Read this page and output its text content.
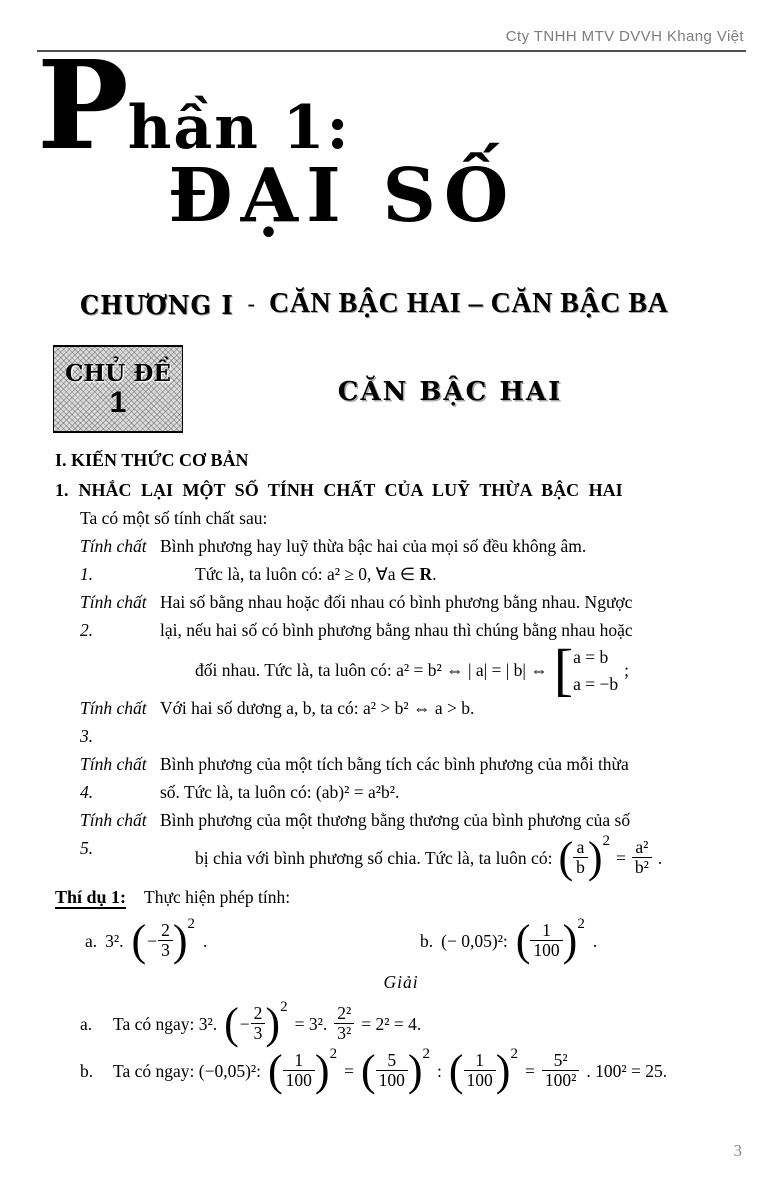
Cty TNHH MTV DVVH Khang Việt
P hần 1:
ĐẠI SỐ
CHƯƠNG I - CĂN BẬC HAI – CĂN BẬC BA
CHỦ ĐỀ
1	CĂN BẬC HAI
I. KIẾN THỨC CƠ BẢN
1. NHẮC LẠI MỘT SỐ TÍNH CHẤT CỦA LUỸ THỪA BẬC HAI
Ta có một số tính chất sau:
Tính chất 1.
Bình phương hay luỹ thừa bậc hai của mọi số đều không âm.
Tức là, ta luôn có: a² ≥ 0, ∀a ∈ R.
Tính chất 2.
Hai số bằng nhau hoặc đối nhau có bình phương bằng nhau. Ngược
lại, nếu hai số có bình phương bằng nhau thì chúng bằng nhau hoặc
đối nhau. Tức là, ta luôn có: a² = b² ⇔ | a| = | b| ⇔ [ a = b
a = −b
;
Tính chất 3.
Với hai số dương a, b, ta có: a² > b² ⇔ a > b.
Tính chất 4.
Bình phương của một tích bằng tích các bình phương của mỗi thừa
số. Tức là, ta luôn có: (ab)² = a²b².
Tính chất 5.
Bình phương của một thương bằng thương của bình phương của số
bị chia với bình phương số chia. Tức là, ta luôn có: ( a
b ) 2
= $\frac{\text{a²}}{\text{b²}}$ .
Thí dụ 1: Thực hiện phép tính:
a. 3². ( − $\frac{2}{3}$ ) 2
.	b. (− 0,05)²: ( 1
100 ) 2
.
Giải
a.	Ta có ngay: 3². ( − $\frac{2}{3}$ ) 2
= 3². $\frac{\text{2²}}{\text{3²}} = 2^2 = 4$.
b.	Ta có ngay: (−0,05)²: ( 1
100 ) 2
= ( 5
100 ) 2
: ( 1
100 ) 2
= $\frac{\text{5²}}{\text{100²}}$ . 100² = 25.
3
